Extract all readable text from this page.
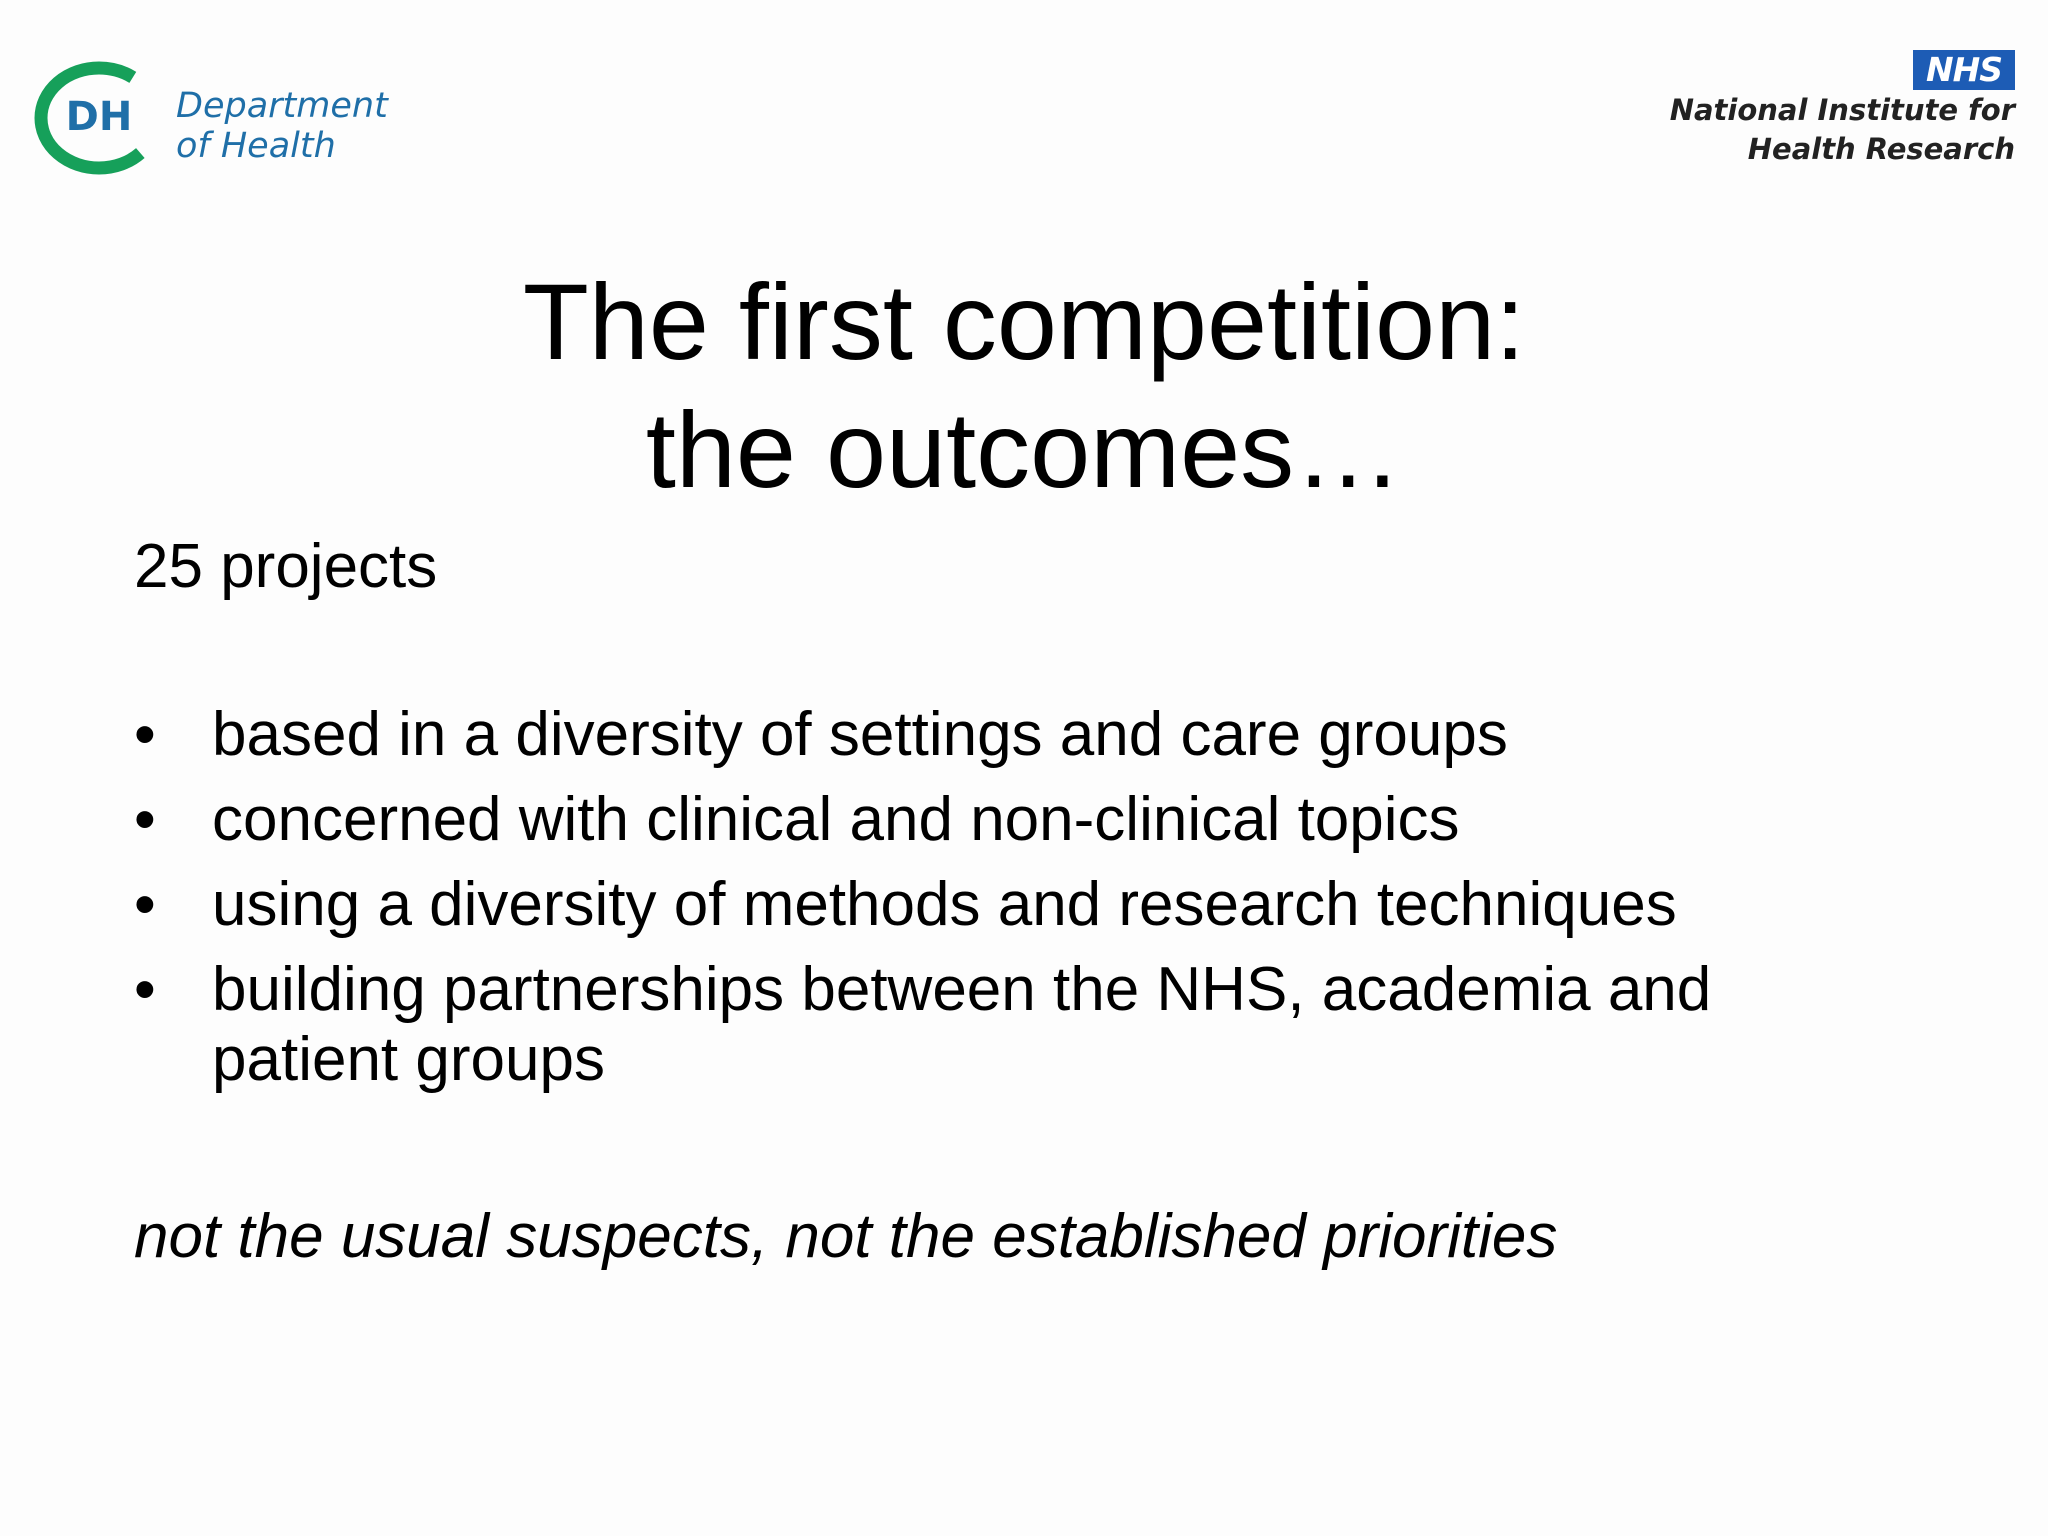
DH Department
of Health
NHS
National Institute for
Health Research
The first competition:
the outcomes…
25 projects
• based in a diversity of settings and care groups
• concerned with clinical and non-clinical topics
• using a diversity of methods and research techniques
• building partnerships between the NHS, academia and patient groups
not the usual suspects, not the established priorities
